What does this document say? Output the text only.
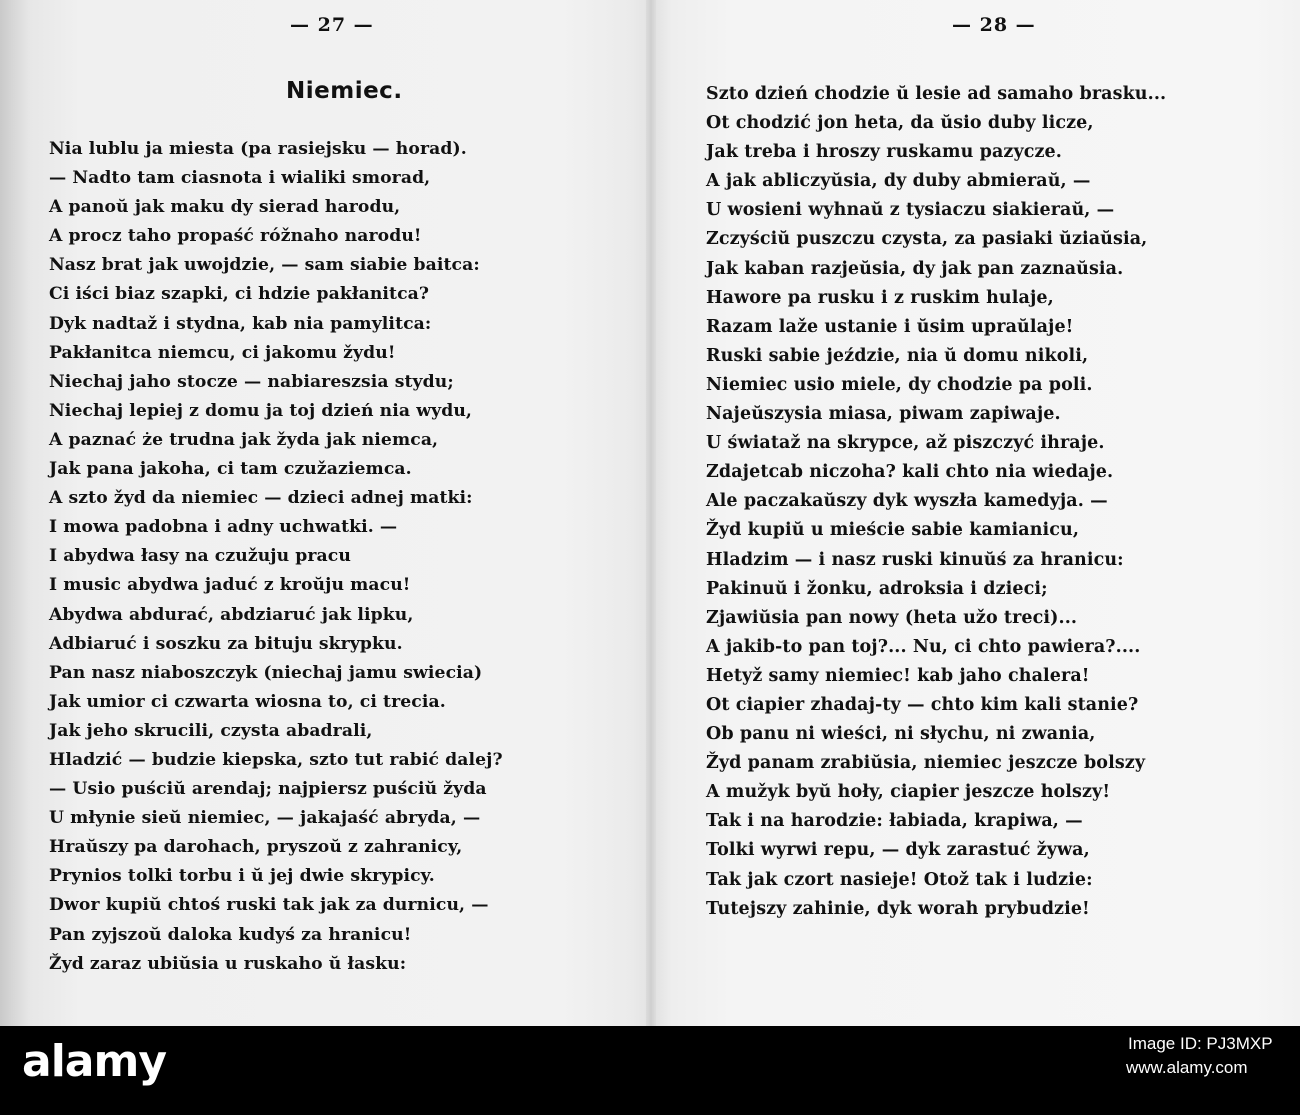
— 27 —
Niemiec.
Nia lublu ja miesta (pa rasiejsku — horad).
— Nadto tam ciasnota i wialiki smorad,
A panoŭ jak maku dy sierad harodu,
A procz taho propaść róžnaho narodu!
Nasz brat jak uwojdzie, — sam siabie baitca:
Ci iści biaz szapki, ci hdzie pakłanitca?
Dyk nadtaž i stydna, kab nia pamylitca:
Pakłanitca niemcu, ci jakomu žydu!
Niechaj jaho stocze — nabiareszsia stydu;
Niechaj lepiej z domu ja toj dzień nia wydu,
A paznać że trudna jak žyda jak niemca,
Jak pana jakoha, ci tam czužaziemca.
A szto žyd da niemiec — dzieci adnej matki:
I mowa padobna i adny uchwatki. —
I abydwa łasy na czužuju pracu
I music abydwa jaduć z kroŭju macu!
Abydwa abdurać, abdziaruć jak lipku,
Adbiaruć i soszku za bituju skrypku.
Pan nasz niaboszczyk (niechaj jamu swiecia)
Jak umior ci czwarta wiosna to, ci trecia.
Jak jeho skrucili, czysta abadrali,
Hladzić — budzie kiepska, szto tut rabić dalej?
— Usio puściŭ arendaj; najpiersz puściŭ žyda
U młynie sieŭ niemiec, — jakajaść abryda, —
Hraŭszy pa darohach, pryszoŭ z zahranicy,
Prynios tolki torbu i ŭ jej dwie skrypicy.
Dwor kupiŭ chtoś ruski tak jak za durnicu, —
Pan zyjszoŭ daloka kudyś za hranicu!
Žyd zaraz ubiŭsia u ruskaho ŭ łasku:
— 28 —
Szto dzień chodzie ŭ lesie ad samaho brasku...
Ot chodzić jon heta, da ŭsio duby licze,
Jak treba i hroszy ruskamu pazycze.
A jak abliczyŭsia, dy duby abmieraŭ, —
U wosieni wyhnaŭ z tysiaczu siakieraŭ, —
Zczyściŭ puszczu czysta, za pasiaki ŭziaŭsia,
Jak kaban razjeŭsia, dy jak pan zaznaŭsia.
Hawore pa rusku i z ruskim hulaje,
Razam laže ustanie i ŭsim upraŭlaje!
Ruski sabie jeździe, nia ŭ domu nikoli,
Niemiec usio miele, dy chodzie pa poli.
Najeŭszysia miasa, piwam zapiwaje.
U świataž na skrypce, až piszczyć ihraje.
Zdajetcab niczoha? kali chto nia wiedaje.
Ale paczakaŭszy dyk wyszła kamedyja. —
Žyd kupiŭ u mieście sabie kamianicu,
Hladzim — i nasz ruski kinuŭś za hranicu:
Pakinuŭ i žonku, adroksia i dzieci;
Zjawiŭsia pan nowy (heta užo treci)...
A jakib-to pan toj?... Nu, ci chto pawiera?....
Hetyž samy niemiec! kab jaho chalera!
Ot ciapier zhadaj-ty — chto kim kali stanie?
Ob panu ni wieści, ni słychu, ni zwania,
Žyd panam zrabiŭsia, niemiec jeszcze bolszy
A mužyk byŭ hoły, ciapier jeszcze holszy!
Tak i na harodzie: łabiada, krapiwa, —
Tolki wyrwi repu, — dyk zarastuć žywa,
Tak jak czort nasieje! Otož tak i ludzie:
Tutejszy zahinie, dyk worah prybudzie!
alamy	Image ID: PJ3MXP
www.alamy.com
